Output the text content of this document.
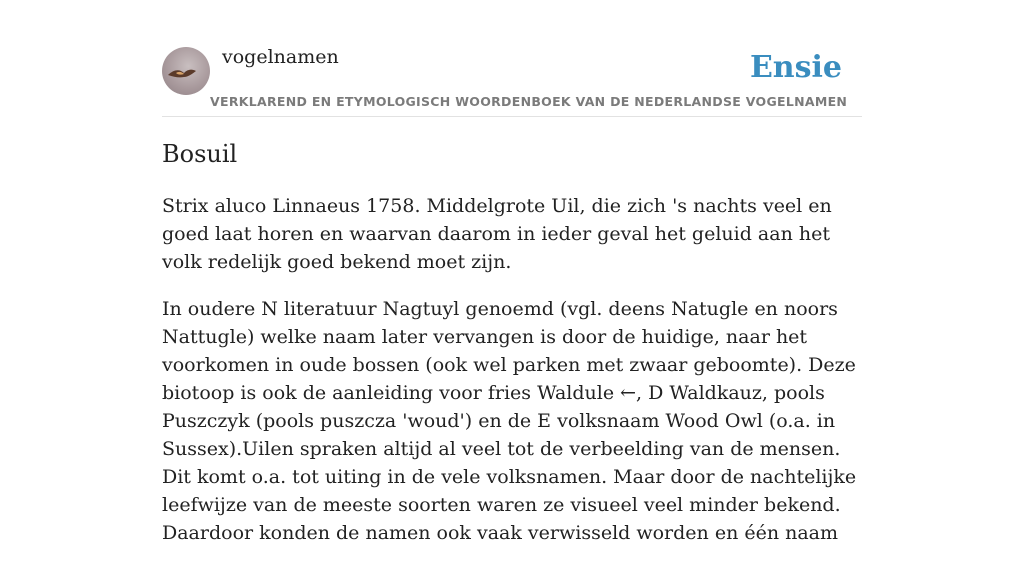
vogelnamen	Ensie
VERKLAREND EN ETYMOLOGISCH WOORDENBOEK VAN DE NEDERLANDSE VOGELNAMEN
Bosuil

Strix aluco Linnaeus 1758. Middelgrote Uil, die zich 's nachts veel en goed laat horen en waarvan daarom in ieder geval het geluid aan het volk redelijk goed bekend moet zijn.

In oudere N literatuur Nagtuyl genoemd (vgl. deens Natugle en noors Nattugle) welke naam later vervangen is door de huidige, naar het voorkomen in oude bossen (ook wel parken met zwaar geboomte). Deze biotoop is ook de aanleiding voor fries Waldule ←, D Waldkauz, pools Puszczyk (pools puszcza 'woud') en de E volksnaam Wood Owl (o.a. in Sussex).Uilen spraken altijd al veel tot de verbeelding van de mensen. Dit komt o.a. tot uiting in de vele volksnamen. Maar door de nachtelijke leefwijze van de meeste soorten waren ze visueel veel minder bekend. Daardoor konden de namen ook vaak verwisseld worden en één naam
